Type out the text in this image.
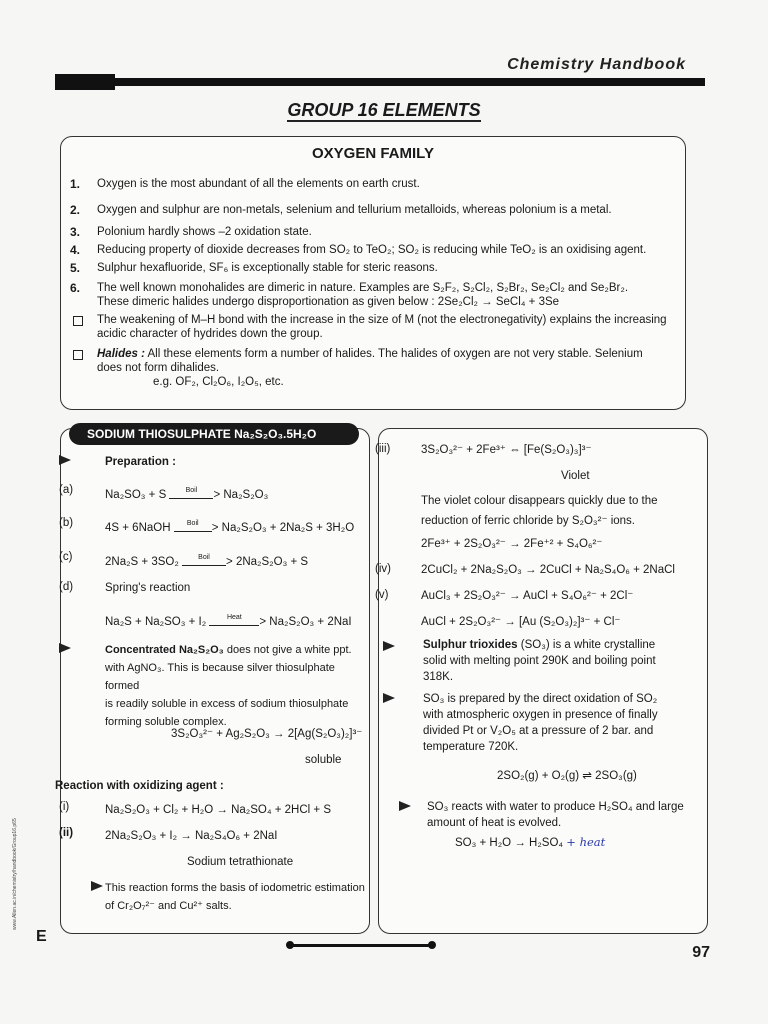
Chemistry Handbook
GROUP 16 ELEMENTS
OXYGEN FAMILY
1. Oxygen is the most abundant of all the elements on earth crust.
2. Oxygen and sulphur are non-metals, selenium and tellurium metalloids, whereas polonium is a metal.
3. Polonium hardly shows –2 oxidation state.
4. Reducing property of dioxide decreases from SO₂ to TeO₂; SO₂ is reducing while TeO₂ is an oxidising agent.
5. Sulphur hexafluoride, SF₆ is exceptionally stable for steric reasons.
6. The well known monohalides are dimeric in nature. Examples are S₂F₂, S₂Cl₂, S₂Br₂, Se₂Cl₂ and Se₂Br₂.
These dimeric halides undergo disproportionation as given below : 2Se₂Cl₂ → SeCl₄ + 3Se
The weakening of M–H bond with the increase in the size of M (not the electronegativity) explains the increasing
acidic character of hydrides down the group.
Halides : All these elements form a number of halides. The halides of oxygen are not very stable. Selenium
does not form dihalides.
e.g. OF₂, Cl₂O₆, I₂O₅, etc.
SODIUM THIOSULPHATE Na₂S₂O₃.5H₂O
Preparation :
(a)	Na₂SO₃ + S	Boil > Na₂S₂O₃
(b)	4S + 6NaOH Boil > Na₂S₂O₃ + 2Na₂S + 3H₂O
(c)	2Na₂S + 3SO₂	Boil > 2Na₂S₂O₃ + S
(d)	Spring's reaction
Na₂S + Na₂SO₃ + I₂	Heat > Na₂S₂O₃ + 2NaI
Concentrated Na₂S₂O₃ does not give a white ppt.
with AgNO₃. This is because silver thiosulphate formed
is readily soluble in excess of sodium thiosulphate
forming soluble complex.
3S₂O₃²⁻ + Ag₂S₂O₃ → 2[Ag(S₂O₃)₂]³⁻
soluble
Reaction with oxidizing agent :
(i)	Na₂S₂O₃ + Cl₂ + H₂O → Na₂SO₄ + 2HCl + S
(ii)	2Na₂S₂O₃ + I₂ → Na₂S₄O₆ + 2NaI
Sodium tetrathionate
This reaction forms the basis of iodometric estimation
of Cr₂O₇²⁻ and Cu²⁺ salts.
(iii)	3S₂O₃²⁻ + 2Fe³⁺ ⇔ [Fe(S₂O₃)₃]³⁻
Violet
The violet colour disappears quickly due to the
reduction of ferric chloride by S₂O₃²⁻ ions.
2Fe³⁺ + 2S₂O₃²⁻ → 2Fe⁺² + S₄O₆²⁻
(iv)	2CuCl₂ + 2Na₂S₂O₃ → 2CuCl + Na₂S₄O₆ + 2NaCl
(v)	AuCl₃ + 2S₂O₃²⁻ → AuCl + S₄O₆²⁻ + 2Cl⁻
AuCl + 2S₂O₃²⁻ → [Au (S₂O₃)₂]³⁻ + Cl⁻
Sulphur trioxides (SO₃) is a white crystalline
solid with melting point 290K and boiling point
318K.
SO₃ is prepared by the direct oxidation of SO₂
with atmospheric oxygen in presence of finally
divided Pt or V₂O₅ at a pressure of 2 bar. and
temperature 720K.
2SO₂(g) + O₂(g) ⇌ 2SO₃(g)
SO₃ reacts with water to produce H₂SO₄ and large
amount of heat is evolved.
SO₃ + H₂O → H₂SO₄ + heat
www.Allen.ac.in/chemistry/handbook/Group16.p65
E
97
